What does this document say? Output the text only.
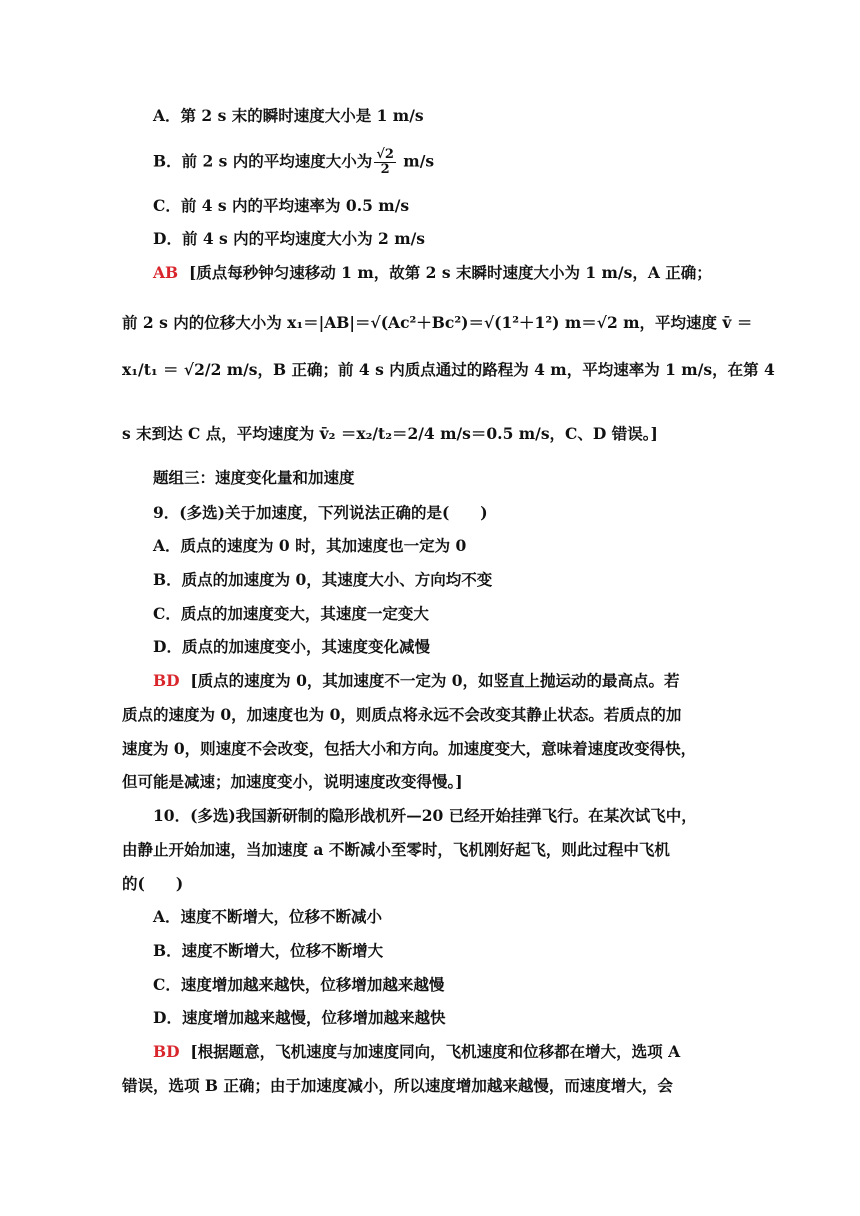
A．第 2 s 末的瞬时速度大小是 1 m/s
B．前 2 s 内的平均速度大小为 $\frac{√2}{2} m/s$
C．前 4 s 内的平均速率为 0.5 m/s
D．前 4 s 内的平均速度大小为 2 m/s
AB [质点每秒钟匀速移动 1 m，故第 2 s 末瞬时速度大小为 1 m/s，A 正确；
前 2 s 内的位移大小为 x₁＝|AB|＝√(Ac²＋Bc²)＝√(1²＋1²) m＝√2 m，平均速度 v̄ ＝
x₁/t₁ ＝ √2/2 m/s，B 正确；前 4 s 内质点通过的路程为 4 m，平均速率为 1 m/s，在第 4
s 末到达 C 点，平均速度为 v̄₂ ＝x₂/t₂＝2/4 m/s＝0.5 m/s，C、D 错误。]
题组三：速度变化量和加速度
9．(多选)关于加速度，下列说法正确的是(　　)
A．质点的速度为 0 时，其加速度也一定为 0
B．质点的加速度为 0，其速度大小、方向均不变
C．质点的加速度变大，其速度一定变大
D．质点的加速度变小，其速度变化减慢
BD [质点的速度为 0，其加速度不一定为 0，如竖直上抛运动的最高点。若
质点的速度为 0，加速度也为 0，则质点将永远不会改变其静止状态。若质点的加
速度为 0，则速度不会改变，包括大小和方向。加速度变大，意味着速度改变得快，
但可能是减速；加速度变小，说明速度改变得慢。]
10．(多选)我国新研制的隐形战机歼—20 已经开始挂弹飞行。在某次试飞中，
由静止开始加速，当加速度 a 不断减小至零时，飞机刚好起飞，则此过程中飞机
的(　　)
A．速度不断增大，位移不断减小
B．速度不断增大，位移不断增大
C．速度增加越来越快，位移增加越来越慢
D．速度增加越来越慢，位移增加越来越快
BD [根据题意，飞机速度与加速度同向，飞机速度和位移都在增大，选项 A
错误，选项 B 正确；由于加速度减小，所以速度增加越来越慢，而速度增大，会
